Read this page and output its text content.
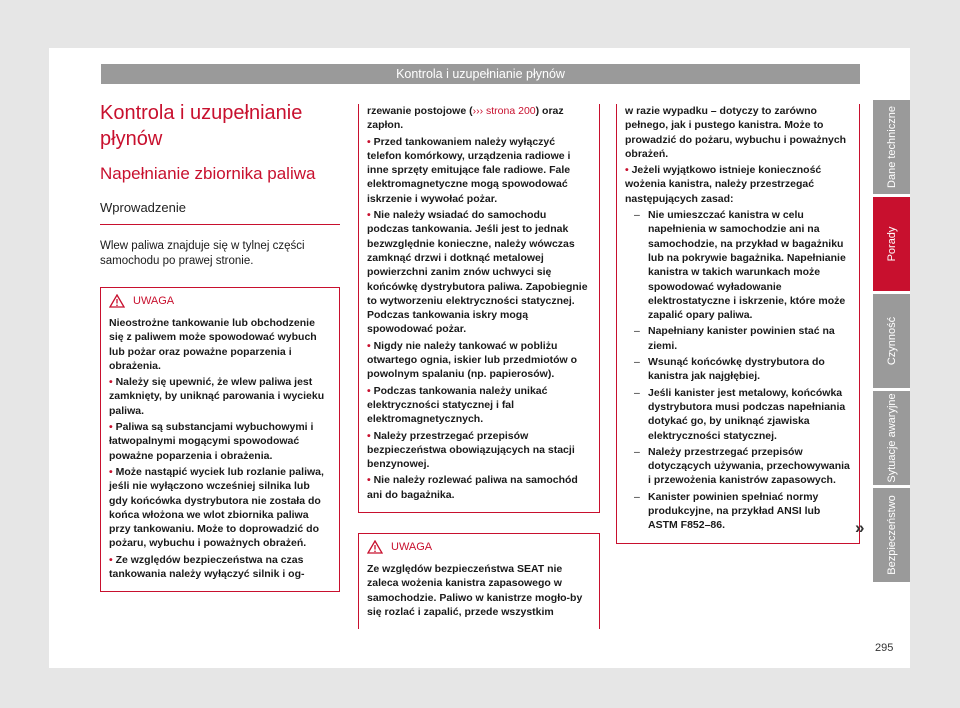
Kontrola i uzupełnianie płynów
Kontrola i uzupełnianie płynów
Napełnianie zbiornika paliwa
Wprowadzenie

Wlew paliwa znajduje się w tylnej części samochodu po prawej stronie.

UWAGA

Nieostrożne tankowanie lub obchodzenie się z paliwem może spowodować wybuch lub pożar oraz poważne poparzenia i obrażenia.

• Należy się upewnić, że wlew paliwa jest zamknięty, by uniknąć parowania i wycieku paliwa.

• Paliwa są substancjami wybuchowymi i łatwopalnymi mogącymi spowodować poważne poparzenia i obrażenia.

• Może nastąpić wyciek lub rozlanie paliwa, jeśli nie wyłączono wcześniej silnika lub gdy końcówka dystrybutora nie została do końca włożona we wlot zbiornika paliwa przy tankowaniu. Może to doprowadzić do pożaru, wybuchu i poważnych obrażeń.

• Ze względów bezpieczeństwa na czas tankowania należy wyłączyć silnik i og-

rzewanie postojowe (››› strona 200) oraz zapłon.

• Przed tankowaniem należy wyłączyć telefon komórkowy, urządzenia radiowe i inne sprzęty emitujące fale radiowe. Fale elektromagnetyczne mogą spowodować iskrzenie i wywołać pożar.

• Nie należy wsiadać do samochodu podczas tankowania. Jeśli jest to jednak bezwzględnie konieczne, należy wówczas zamknąć drzwi i dotknąć metalowej powierzchni zanim znów uchwyci się końcówkę dystrybutora paliwa. Zapobiegnie to wytworzeniu elektryczności statycznej. Podczas tankowania iskry mogą spowodować pożar.

• Nigdy nie należy tankować w pobliżu otwartego ognia, iskier lub przedmiotów o powolnym spalaniu (np. papierosów).

• Podczas tankowania należy unikać elektryczności statycznej i fal elektromagnetycznych.

• Należy przestrzegać przepisów bezpieczeństwa obowiązujących na stacji benzynowej.

• Nie należy rozlewać paliwa na samochód ani do bagażnika.

UWAGA

Ze względów bezpieczeństwa SEAT nie zaleca wożenia kanistra zapasowego w samochodzie. Paliwo w kanistrze mogło-by się rozlać i zapalić, przede wszystkim

w razie wypadku – dotyczy to zarówno pełnego, jak i pustego kanistra. Może to prowadzić do pożaru, wybuchu i poważnych obrażeń.

• Jeżeli wyjątkowo istnieje konieczność wożenia kanistra, należy przestrzegać następujących zasad:

– Nie umieszczać kanistra w celu napełnienia w samochodzie ani na samochodzie, na przykład w bagażniku lub na pokrywie bagażnika. Napełnianie kanistra w takich warunkach może spowodować wyładowanie elektrostatyczne i iskrzenie, które może zapalić opary paliwa.

– Napełniany kanister powinien stać na ziemi.

– Wsunąć końcówkę dystrybutora do kanistra jak najgłębiej.

– Jeśli kanister jest metalowy, końcówka dystrybutora musi podczas napełniania dotykać go, by uniknąć zjawiska elektryczności statycznej.

– Należy przestrzegać przepisów dotyczących używania, przechowywania i przewożenia kanistrów zapasowych.

– Kanister powinien spełniać normy produkcyjne, na przykład ANSI lub ASTM F852–86.	»
Dane techniczne
Porady
Czynność
Sytuacje awaryjne
Bezpieczeństwo
295
